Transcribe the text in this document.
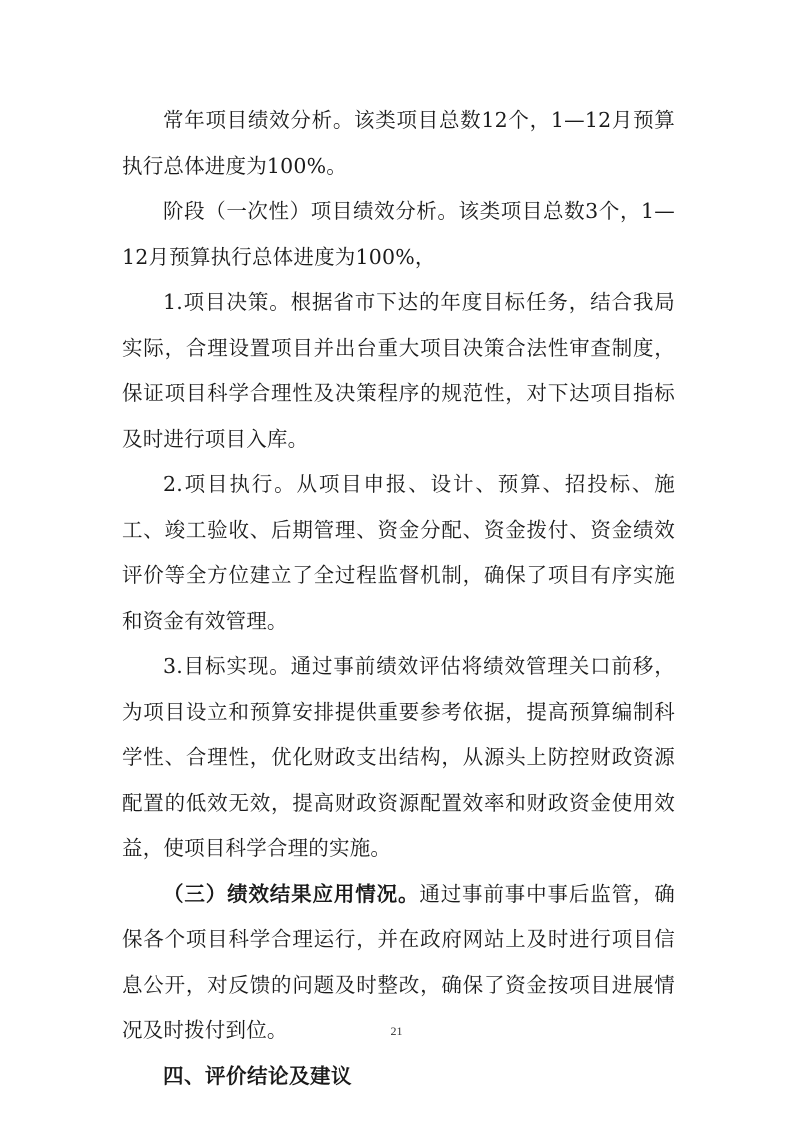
常年项目绩效分析。该类项目总数12个，1—12月预算执行总体进度为100%。

阶段（一次性）项目绩效分析。该类项目总数3个，1—12月预算执行总体进度为100%，

1.项目决策。根据省市下达的年度目标任务，结合我局实际，合理设置项目并出台重大项目决策合法性审查制度，保证项目科学合理性及决策程序的规范性，对下达项目指标及时进行项目入库。

2.项目执行。从项目申报、设计、预算、招投标、施工、竣工验收、后期管理、资金分配、资金拨付、资金绩效评价等全方位建立了全过程监督机制，确保了项目有序实施和资金有效管理。

3.目标实现。通过事前绩效评估将绩效管理关口前移，为项目设立和预算安排提供重要参考依据，提高预算编制科学性、合理性，优化财政支出结构，从源头上防控财政资源配置的低效无效，提高财政资源配置效率和财政资金使用效益，使项目科学合理的实施。

（三）绩效结果应用情况。通过事前事中事后监管，确保各个项目科学合理运行，并在政府网站上及时进行项目信息公开，对反馈的问题及时整改，确保了资金按项目进展情况及时拨付到位。

四、评价结论及建议

21
